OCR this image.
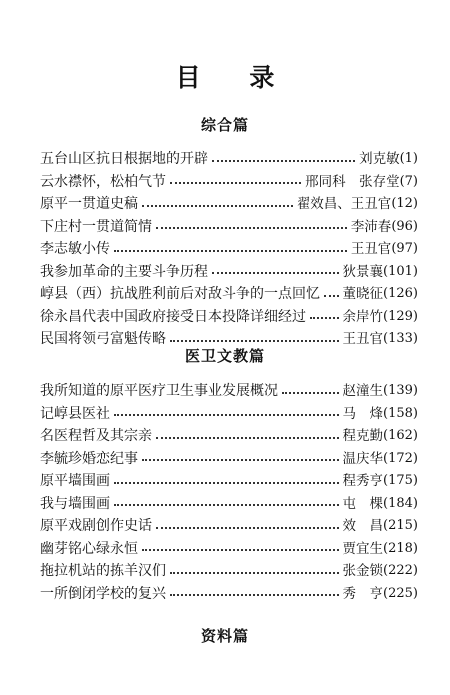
目 录
综合篇
五台山区抗日根据地的开辟	刘克敏 (1)
云水襟怀，松柏气节	邢同科　张存堂 (7)
原平一贯道史稿	翟效昌、王丑官 (12)
下庄村一贯道简情	李沛春 (96)
李志敏小传	王丑官 (97)
我参加革命的主要斗争历程	狄景襄 (101)
崞县（西）抗战胜利前后对敌斗争的一点回忆 董晓征 (126)
徐永昌代表中国政府接受日本投降详细经过	余岸竹 (129)
民国将领弓富魁传略	王丑官 (133)
医卫文教篇
我所知道的原平医疗卫生事业发展概况	赵潼生 (139)
记崞县医社	马　烽 (158)
名医程哲及其宗亲	程克勤 (162)
李毓珍婚恋纪事	温庆华 (172)
原平墙围画	程秀亨 (175)
我与墙围画	屯　棵 (184)
原平戏剧创作史话	效　昌 (215)
幽芽铭心绿永恒	贾宜生 (218)
拖拉机站的拣羊汉们	张金锁 (222)
一所倒闭学校的复兴	秀　亨 (225)
资料篇
